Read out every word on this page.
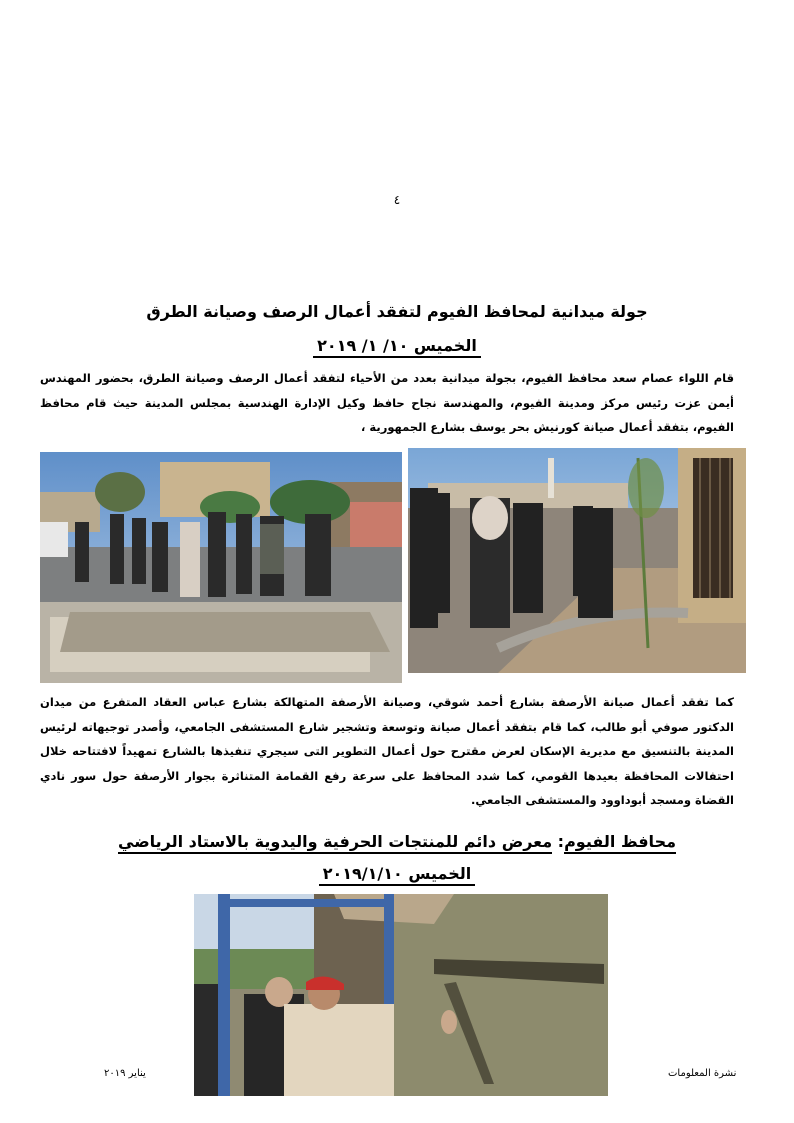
٤
جولة ميدانية لمحافظ الفيوم لتفقد أعمال الرصف وصيانة الطرق
الخميس ١٠/ ١/ ٢٠١٩
قام اللواء عصام سعد محافظ الفيوم، بجولة ميدانية بعدد من الأحياء لتفقد أعمال الرصف وصيانة الطرق، بحضور المهندس أيمن عزت رئيس مركز ومدينة الفيوم، والمهندسة نجاح حافظ وكيل الإدارة الهندسية بمجلس المدينة حيث قام محافظ الفيوم، بتفقد أعمال صيانة كورنيش بحر يوسف بشارع الجمهورية ،
كما تفقد أعمال صيانة الأرصفة بشارع أحمد شوقي، وصيانة الأرصفة المتهالكة بشارع عباس العقاد المتفرع من ميدان الدكتور صوفي أبو طالب، كما قام بتفقد أعمال صيانة وتوسعة وتشجير شارع المستشفى الجامعي، وأصدر توجيهاته لرئيس المدينة بالتنسيق مع مديرية الإسكان لعرض مقترح حول أعمال التطوير التى سيجري تنفيذها بالشارع تمهيداً لافتتاحه خلال احتفالات المحافظة بعيدها القومي، كما شدد المحافظ على سرعة رفع القمامة المتناثرة بجوار الأرصفة حول سور نادي القضاة ومسجد أبوداوود والمستشفى الجامعي.
محافظ الفيوم: معرض دائم للمنتجات الحرفية واليدوية بالاستاد الرياضي
الخميس ٢٠١٩/١/١٠
يناير ٢٠١٩	نشرة المعلومات
